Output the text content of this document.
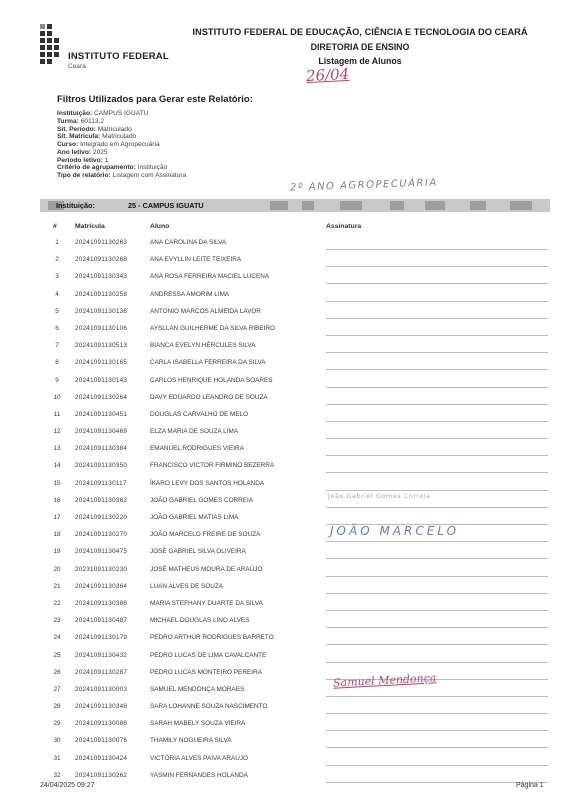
INSTITUTO FEDERAL
Ceará
INSTITUTO FEDERAL DE EDUCAÇÃO, CIÊNCIA E TECNOLOGIA DO CEARÁ
DIRETORIA DE ENSINO
Listagem de Alunos
26/04
Filtros Utilizados para Gerar este Relatório:
Instituição: CAMPUS IGUATU
Turma: 60113.2
Sit. Período: Matriculado
Sit. Matrícula: Matriculado
Curso: Integrado em Agropecuária
Ano letivo: 2025
Período letivo: 1
Critério de agrupamento: Instituição
Tipo de relatório: Listagem com Assinatura
2º ANO AGROPECUÁRIA
Instituição:	25 - CAMPUS IGUATU
#	Matrícula	Aluno	Assinatura
1	20241091130263	ANA CAROLINA DA SILVA
2	20241091130268	ANA EVYLLIN LEITE TEIXEIRA
3	20241091130343	ANA ROSA FERREIRA MACIEL LUCENA
4	20241091130258	ANDRESSA AMORIM LIMA
5	20241091130136	ANTONIO MARCOS ALMEIDA LAVOR
6	20241091130106	AYSLLAN GUILHERME DA SILVA RIBEIRO
7	20241091130513	BIANCA EVELYN HÉRCULES SILVA
8	20241091130165	CARLA ISABELLA FERREIRA DA SILVA
9	20241091130143	CARLOS HENRIQUE HOLANDA SOARES
10	20241091130264	DAVY EDUARDO LEANDRO DE SOUZA
11	20241091130451	DOUGLAS CARVALHO DE MELO
12	20241091130469	ELZA MARIA DE SOUZA LIMA
13	20241091130384	EMANUEL RODRIGUES VIEIRA
14	20241091130350	FRANCISCO VICTOR FIRMINO BEZERRA
15	20241091130117	ÍKARO LEVY DOS SANTOS HOLANDA
16	20241091130362	JOÃO GABRIEL GOMES CORREIA
17	20241091130220	JOÃO GABRIEL MATIAS LIMA
18	20241091130270	JOÃO MARCELO FREIRE DE SOUZA
19	20241091130475	JOSÉ GABRIEL SILVA OLIVEIRA
20	20231091130230	JOSÉ MATHEUS MOURA DE ARAÚJO
21	20241091130364	LUAN ALVES DE SOUZA
22	20241091130386	MARIA STEFHANY DUARTE DA SILVA
23	20241091130487	MICHAEL DOUGLAS LINO ALVES
24	20241091130179	PEDRO ARTHUR RODRIGUES BARRETO
25	20241091130432	PEDRO LUCAS DE LIMA CAVALCANTE
26	20241091130287	PEDRO LUCAS MONTEIRO PEREIRA
27	20241091130003	SAMUEL MENDONÇA MORAES
28	20241091130348	SARA LOHANNE SOUZA NASCIMENTO
29	20241091130086	SARAH MABELY SOUZA VIEIRA
30	20241091130076	THAMILY NOGUEIRA SILVA
31	20241091130424	VICTÓRIA ALVES PAIVA ARAÚJO
32	20241091130262	YASMIN FERNANDES HOLANDA
João Gabriel Gomes Correia
JOÃO MARCELO
Samuel Mendonça
24/04/2025 09:27	Página 1
